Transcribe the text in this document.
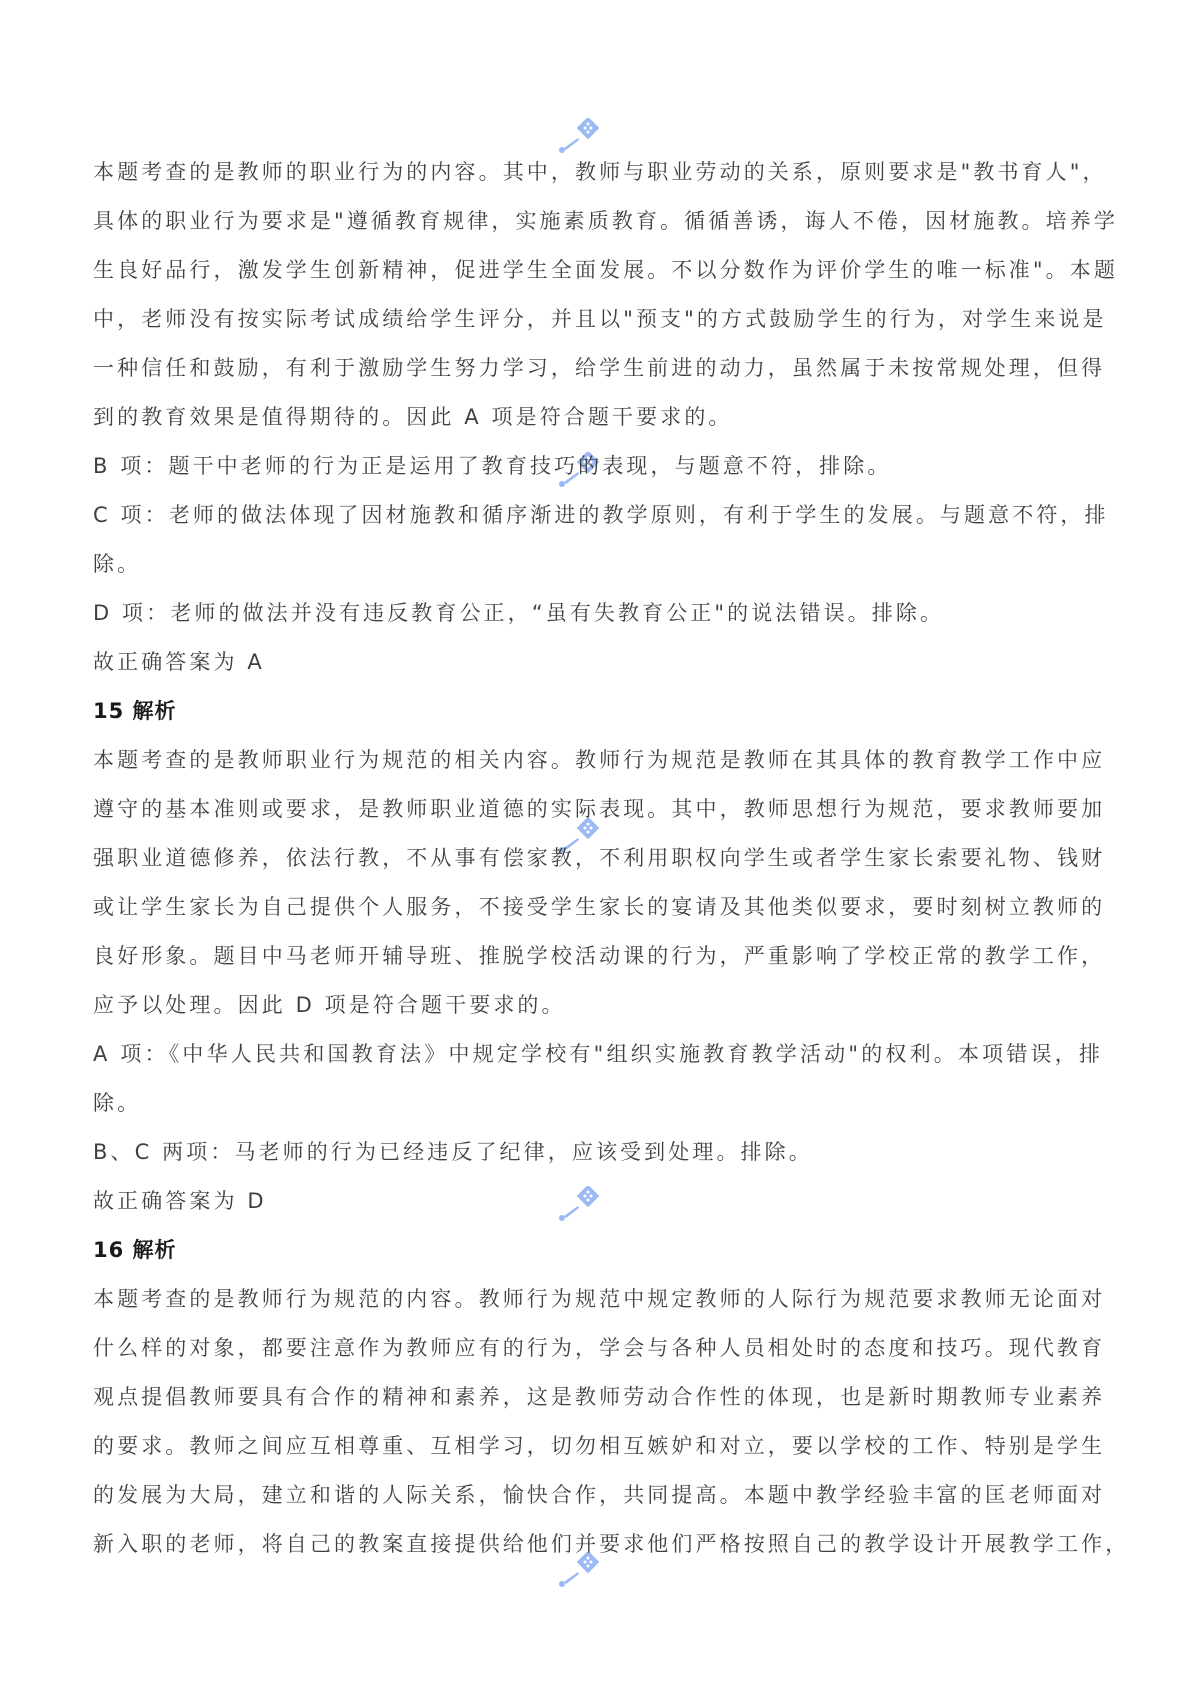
本题考查的是教师的职业行为的内容。其中，教师与职业劳动的关系，原则要求是"教书育人"，
具体的职业行为要求是"遵循教育规律，实施素质教育。循循善诱，诲人不倦，因材施教。培养学
生良好品行，激发学生创新精神，促进学生全面发展。不以分数作为评价学生的唯一标准"。本题
中，老师没有按实际考试成绩给学生评分，并且以"预支"的方式鼓励学生的行为，对学生来说是
一种信任和鼓励，有利于激励学生努力学习，给学生前进的动力，虽然属于未按常规处理，但得
到的教育效果是值得期待的。因此 A 项是符合题干要求的。
B 项：题干中老师的行为正是运用了教育技巧的表现，与题意不符，排除。
C 项：老师的做法体现了因材施教和循序渐进的教学原则，有利于学生的发展。与题意不符，排
除。
D 项：老师的做法并没有违反教育公正，“虽有失教育公正"的说法错误。排除。
故正确答案为 A
15 解析
本题考查的是教师职业行为规范的相关内容。教师行为规范是教师在其具体的教育教学工作中应
遵守的基本准则或要求，是教师职业道德的实际表现。其中，教师思想行为规范，要求教师要加
强职业道德修养，依法行教，不从事有偿家教，不利用职权向学生或者学生家长索要礼物、钱财
或让学生家长为自己提供个人服务，不接受学生家长的宴请及其他类似要求，要时刻树立教师的
良好形象。题目中马老师开辅导班、推脱学校活动课的行为，严重影响了学校正常的教学工作，
应予以处理。因此 D 项是符合题干要求的。
A 项：《中华人民共和国教育法》中规定学校有"组织实施教育教学活动"的权利。本项错误，排
除。
B、C 两项：马老师的行为已经违反了纪律，应该受到处理。排除。
故正确答案为 D
16 解析
本题考查的是教师行为规范的内容。教师行为规范中规定教师的人际行为规范要求教师无论面对
什么样的对象，都要注意作为教师应有的行为，学会与各种人员相处时的态度和技巧。现代教育
观点提倡教师要具有合作的精神和素养，这是教师劳动合作性的体现，也是新时期教师专业素养
的要求。教师之间应互相尊重、互相学习，切勿相互嫉妒和对立，要以学校的工作、特别是学生
的发展为大局，建立和谐的人际关系，愉快合作，共同提高。本题中教学经验丰富的匡老师面对
新入职的老师，将自己的教案直接提供给他们并要求他们严格按照自己的教学设计开展教学工作，
